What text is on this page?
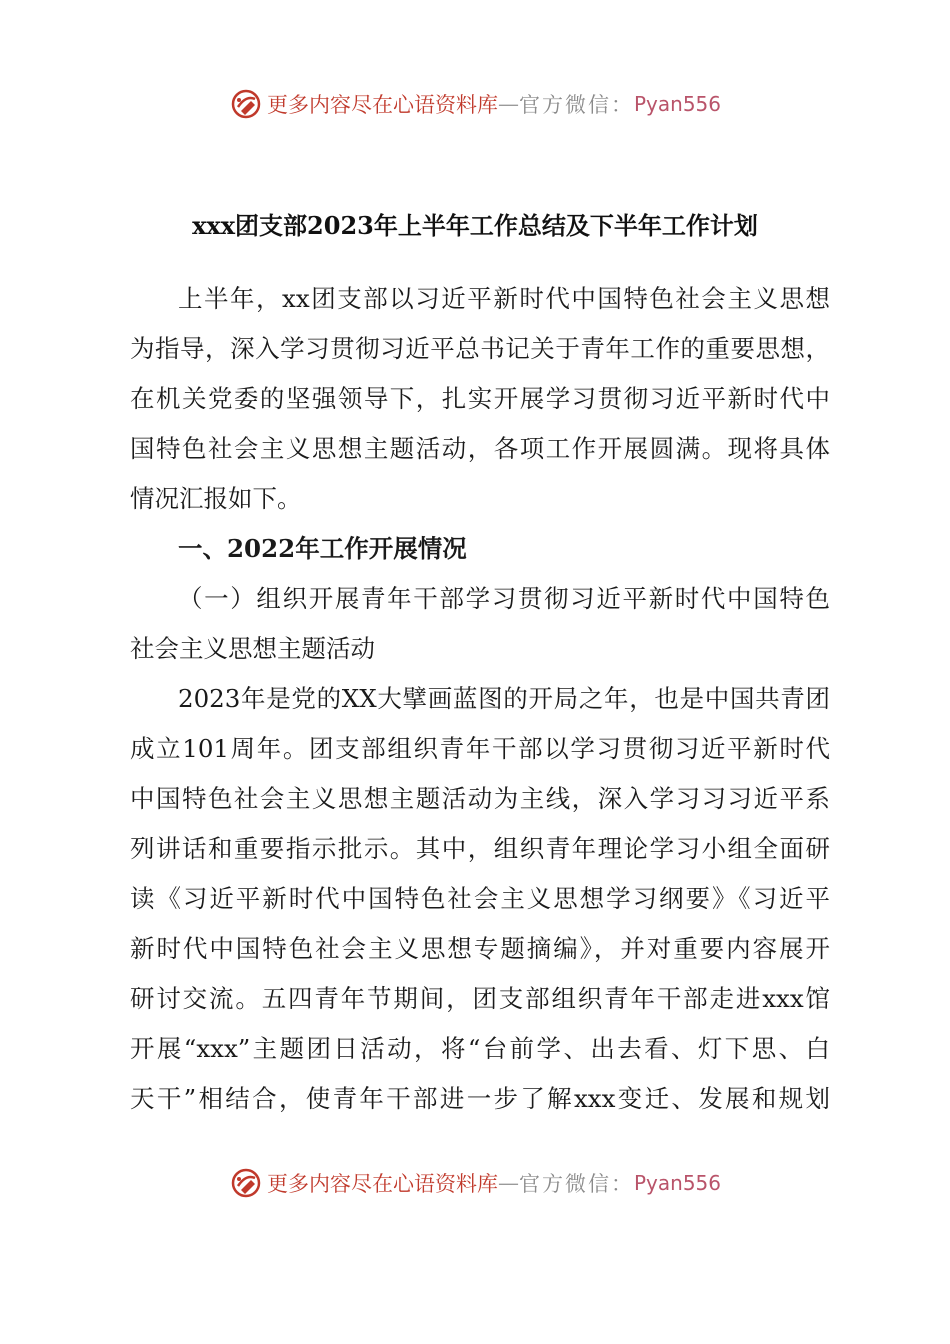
更多内容尽在心语资料库 — 官方微信： Pyan556
xxx团支部2023年上半年工作总结及下半年工作计划
上半年，xx团支部以习近平新时代中国特色社会主义思想
为指导，深入学习贯彻习近平总书记关于青年工作的重要思想，
在机关党委的坚强领导下，扎实开展学习贯彻习近平新时代中
国特色社会主义思想主题活动，各项工作开展圆满。现将具体
情况汇报如下。
一、2022年工作开展情况
（一）组织开展青年干部学习贯彻习近平新时代中国特色
社会主义思想主题活动
2023年是党的XX大擘画蓝图的开局之年，也是中国共青团
成立101周年。团支部组织青年干部以学习贯彻习近平新时代
中国特色社会主义思想主题活动为主线，深入学习习习近平系
列讲话和重要指示批示。其中，组织青年理论学习小组全面研
读《习近平新时代中国特色社会主义思想学习纲要》《习近平
新时代中国特色社会主义思想专题摘编》，并对重要内容展开
研讨交流。五四青年节期间，团支部组织青年干部走进xxx馆
开展“xxx”主题团日活动，将“台前学、出去看、灯下思、白
天干”相结合，使青年干部进一步了解xxx变迁、发展和规划
更多内容尽在心语资料库 — 官方微信： Pyan556
